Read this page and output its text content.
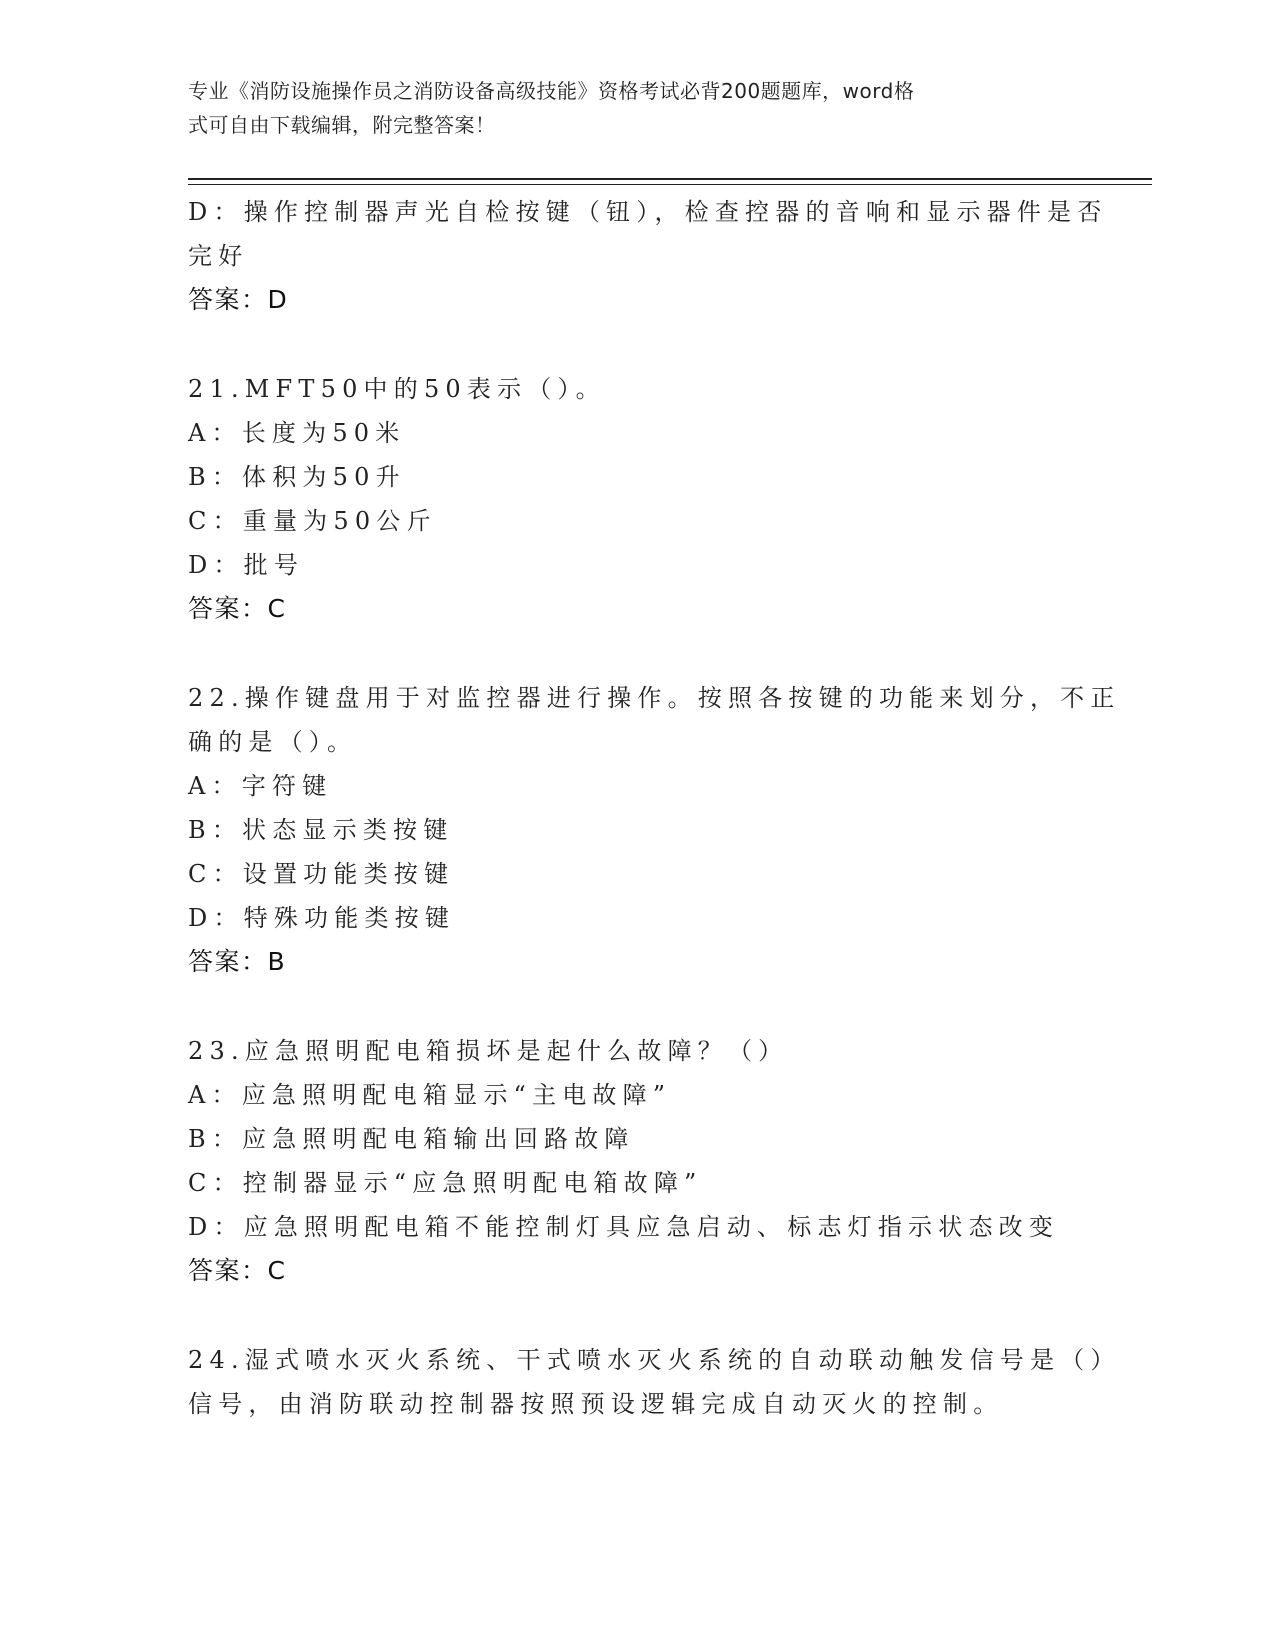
专业《消防设施操作员之消防设备高级技能》资格考试必背200题题库，word格
式可自由下载编辑，附完整答案！
D：操作控制器声光自检按键（钮），检查控器的音响和显示器件是否
完好
答案：D
21.MFT50中的50表示（）。
A：长度为50米
B：体积为50升
C：重量为50公斤
D：批号
答案：C
22.操作键盘用于对监控器进行操作。按照各按键的功能来划分，不正
确的是（）。
A：字符键
B：状态显示类按键
C：设置功能类按键
D：特殊功能类按键
答案：B
23.应急照明配电箱损坏是起什么故障？（）
A：应急照明配电箱显示“主电故障”
B：应急照明配电箱输出回路故障
C：控制器显示“应急照明配电箱故障”
D：应急照明配电箱不能控制灯具应急启动、标志灯指示状态改变
答案：C
24.湿式喷水灭火系统、干式喷水灭火系统的自动联动触发信号是（）
信号，由消防联动控制器按照预设逻辑完成自动灭火的控制。
